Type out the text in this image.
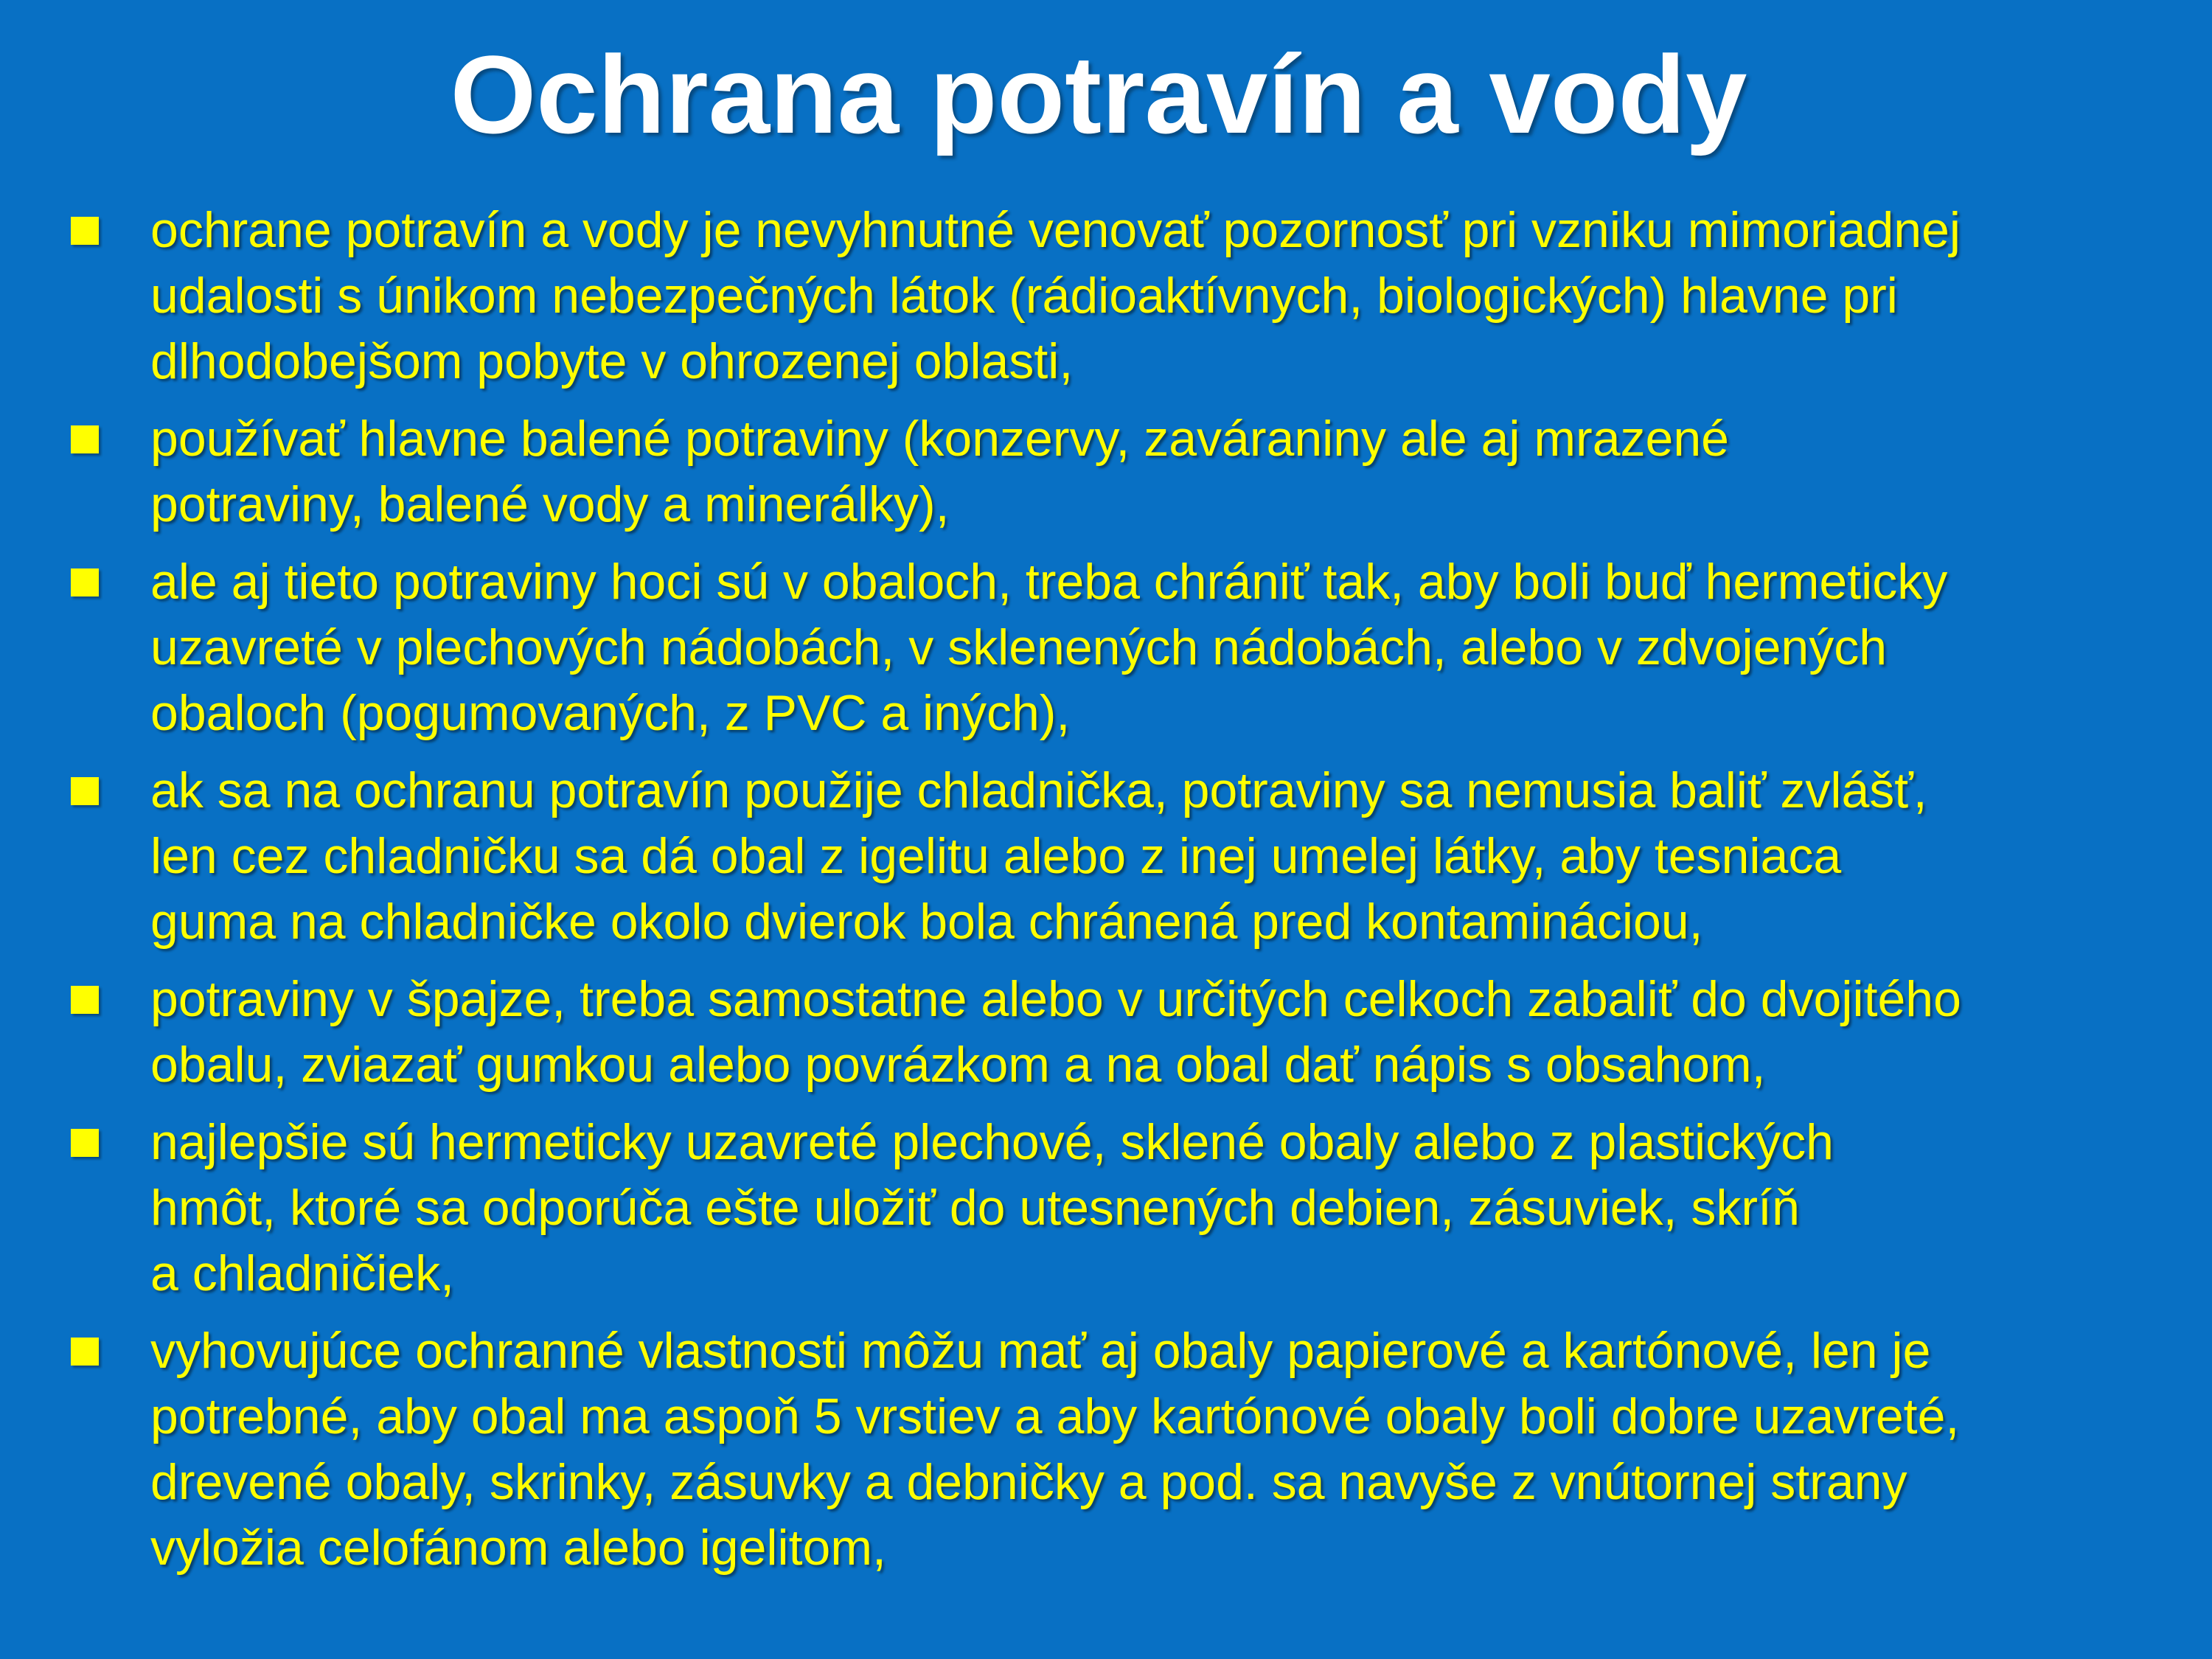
Ochrana potravín a vody
ochrane potravín a vody je nevyhnutné venovať pozornosť pri vzniku mimoriadnej
udalosti s únikom nebezpečných látok (rádioaktívnych, biologických) hlavne pri
dlhodobejšom pobyte v ohrozenej oblasti,
používať hlavne balené potraviny (konzervy, zaváraniny ale aj mrazené
potraviny, balené vody a minerálky),
ale aj tieto potraviny hoci sú v obaloch, treba chrániť tak, aby boli buď hermeticky
uzavreté v plechových nádobách, v sklenených nádobách, alebo v zdvojených
obaloch (pogumovaných, z PVC a iných),
ak sa na ochranu potravín použije chladnička, potraviny sa nemusia baliť zvlášť,
len cez chladničku sa dá obal z igelitu alebo z inej umelej látky, aby tesniaca
guma na chladničke okolo dvierok bola chránená pred kontamináciou,
potraviny v špajze, treba samostatne alebo v určitých celkoch zabaliť do dvojitého
obalu, zviazať gumkou alebo povrázkom a na obal dať nápis s obsahom,
najlepšie sú hermeticky uzavreté plechové, sklené obaly alebo z plastických
hmôt, ktoré sa odporúča ešte uložiť do utesnených debien, zásuviek, skríň
a chladničiek,
vyhovujúce ochranné vlastnosti môžu mať aj obaly papierové a kartónové, len je
potrebné, aby obal ma aspoň 5 vrstiev a aby kartónové obaly boli dobre uzavreté,
drevené obaly, skrinky, zásuvky a debničky a pod. sa navyše z vnútornej strany
vyložia celofánom alebo igelitom,
